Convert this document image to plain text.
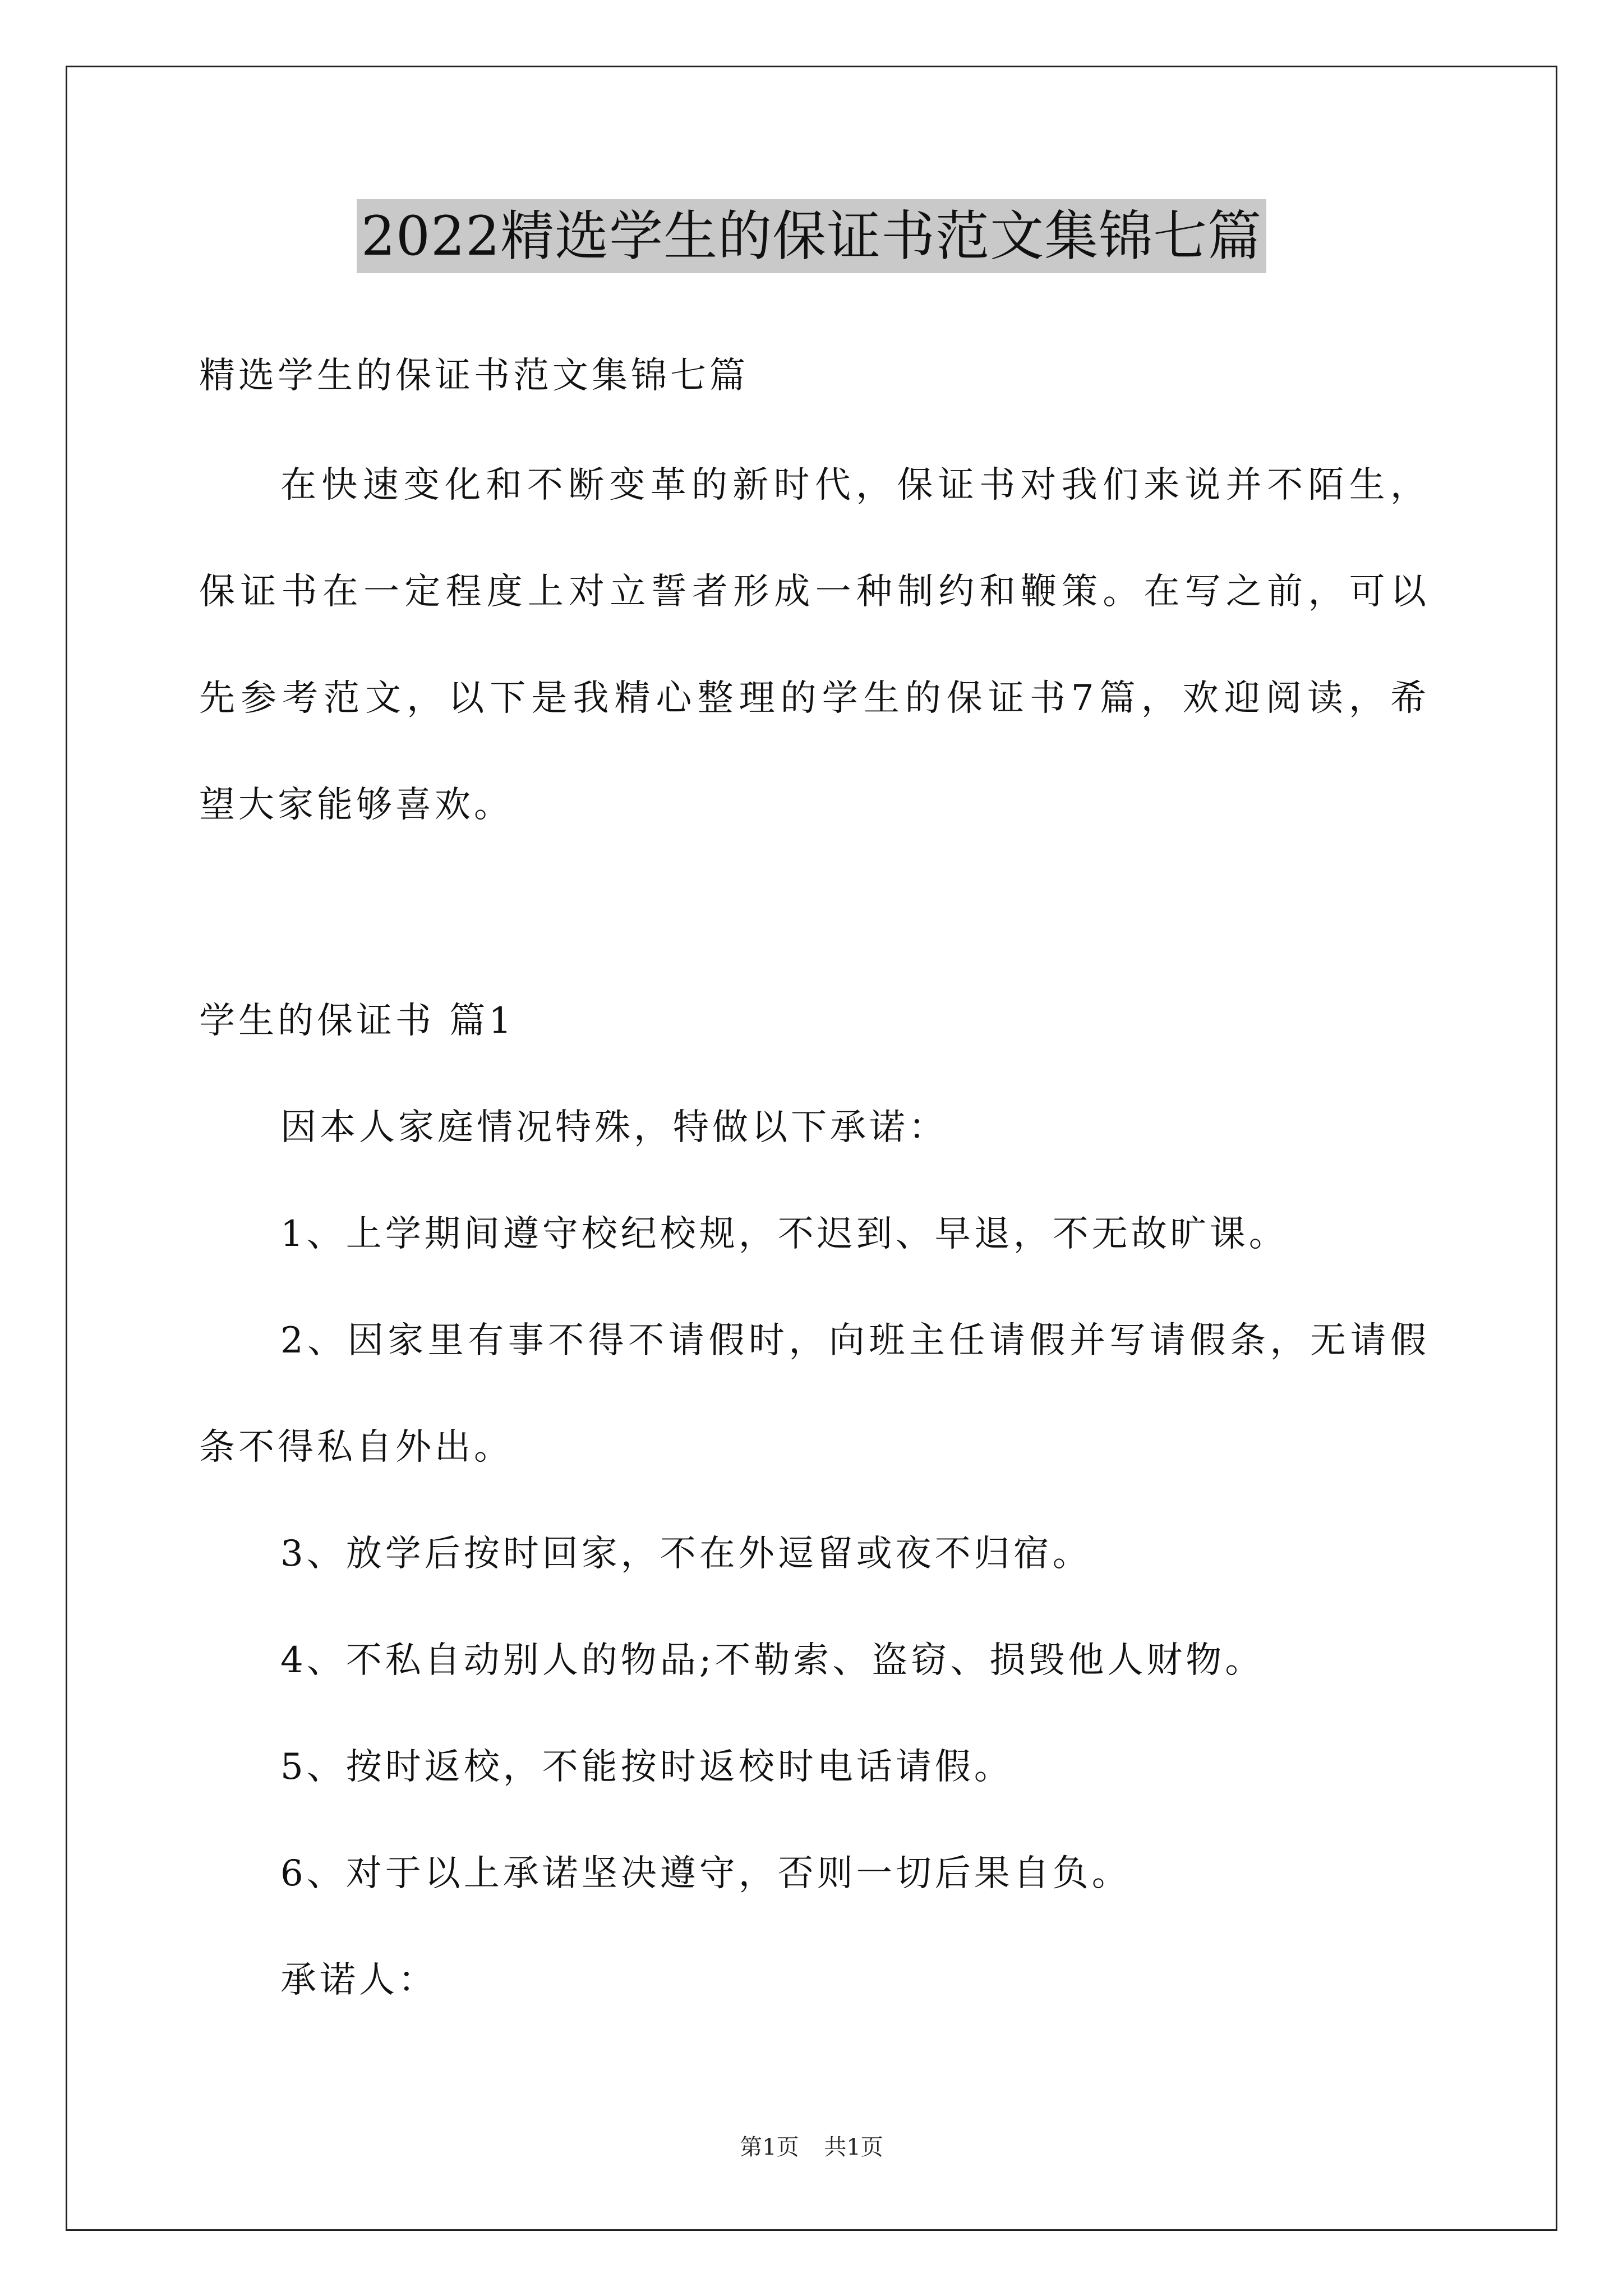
2022精选学生的保证书范文集锦七篇
精选学生的保证书范文集锦七篇
在快速变化和不断变革的新时代，保证书对我们来说并不陌生，
保证书在一定程度上对立誓者形成一种制约和鞭策。在写之前，可以
先参考范文，以下是我精心整理的学生的保证书7篇，欢迎阅读，希
望大家能够喜欢。
学生的保证书 篇1
因本人家庭情况特殊，特做以下承诺：
1、上学期间遵守校纪校规，不迟到、早退，不无故旷课。
2、因家里有事不得不请假时，向班主任请假并写请假条，无请假
条不得私自外出。
3、放学后按时回家，不在外逗留或夜不归宿。
4、不私自动别人的物品;不勒索、盗窃、损毁他人财物。
5、按时返校，不能按时返校时电话请假。
6、对于以上承诺坚决遵守，否则一切后果自负。
承诺人：
第1页 共1页
